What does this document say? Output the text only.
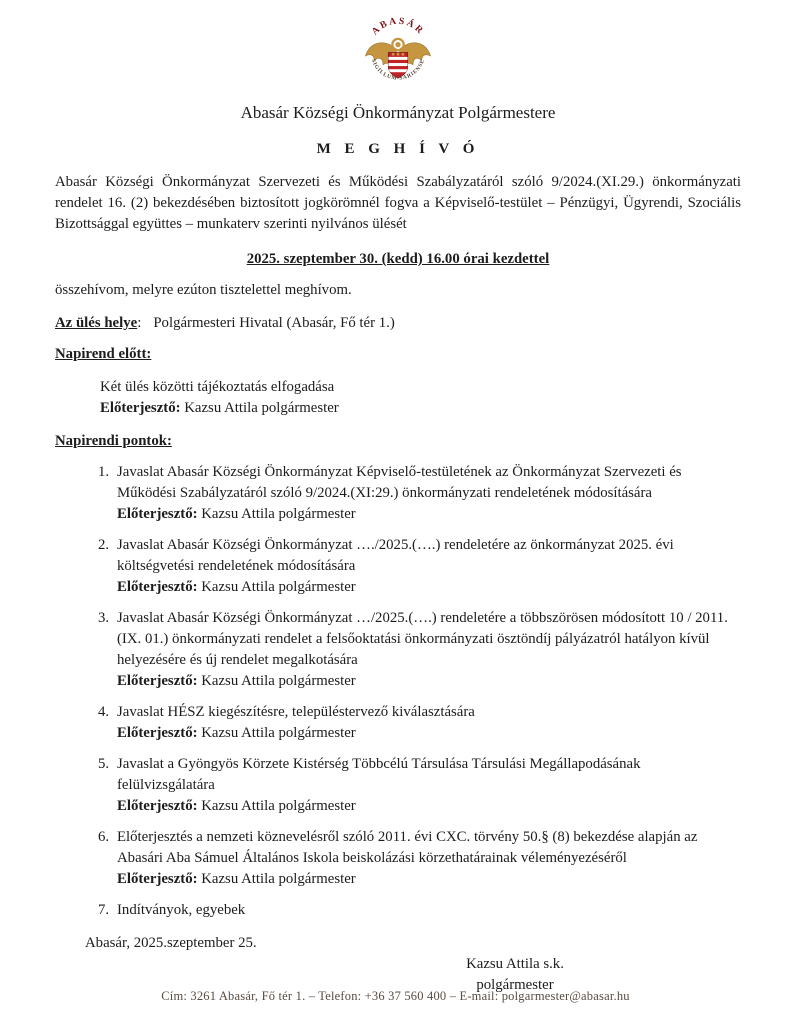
ABASÁR
SIGILLUM-SARIENSE
Abasár Községi Önkormányzat Polgármestere
M E G H Í V Ó

Abasár Községi Önkormányzat Szervezeti és Működési Szabályzatáról szóló 9/2024.(XI.29.) önkormányzati rendelet 16. (2) bekezdésében biztosított jogkörömnél fogva a Képviselő-testület – Pénzügyi, Ügyrendi, Szociális Bizottsággal együttes – munkaterv szerinti nyilvános ülését

2025. szeptember 30. (kedd) 16.00 órai kezdettel
összehívom, melyre ezúton tisztelettel meghívom.
Az ülés helye: Polgármesteri Hivatal (Abasár, Fő tér 1.)
Napirend előtt:
Két ülés közötti tájékoztatás elfogadása
Előterjesztő: Kazsu Attila polgármester
Napirendi pontok:
1. Javaslat Abasár Községi Önkormányzat Képviselő-testületének az Önkormányzat Szervezeti és Működési Szabályzatáról szóló 9/2024.(XI:29.) önkormányzati rendeletének módosítására
Előterjesztő: Kazsu Attila polgármester
2. Javaslat Abasár Községi Önkormányzat …./2025.(….) rendeletére az önkormányzat 2025. évi költségvetési rendeletének módosítására
Előterjesztő: Kazsu Attila polgármester
3. Javaslat Abasár Községi Önkormányzat …/2025.(….) rendeletére a többszörösen módosított 10 / 2011. (IX. 01.) önkormányzati rendelet a felsőoktatási önkormányzati ösztöndíj pályázatról hatályon kívül helyezésére és új rendelet megalkotására
Előterjesztő: Kazsu Attila polgármester
4. Javaslat HÉSZ kiegészítésre, településtervező kiválasztására
Előterjesztő: Kazsu Attila polgármester
5. Javaslat a Gyöngyös Körzete Kistérség Többcélú Társulása Társulási Megállapodásának felülvizsgálatára
Előterjesztő: Kazsu Attila polgármester
6. Előterjesztés a nemzeti köznevelésről szóló 2011. évi CXC. törvény 50.§ (8) bekezdése alapján az Abasári Aba Sámuel Általános Iskola beiskolázási körzethatárainak véleményezéséről
Előterjesztő: Kazsu Attila polgármester
7. Indítványok, egyebek
Abasár, 2025.szeptember 25.
Kazsu Attila s.k.
polgármester
Cím: 3261 Abasár, Fő tér 1. – Telefon: +36 37 560 400 – E-mail: polgarmester@abasar.hu
